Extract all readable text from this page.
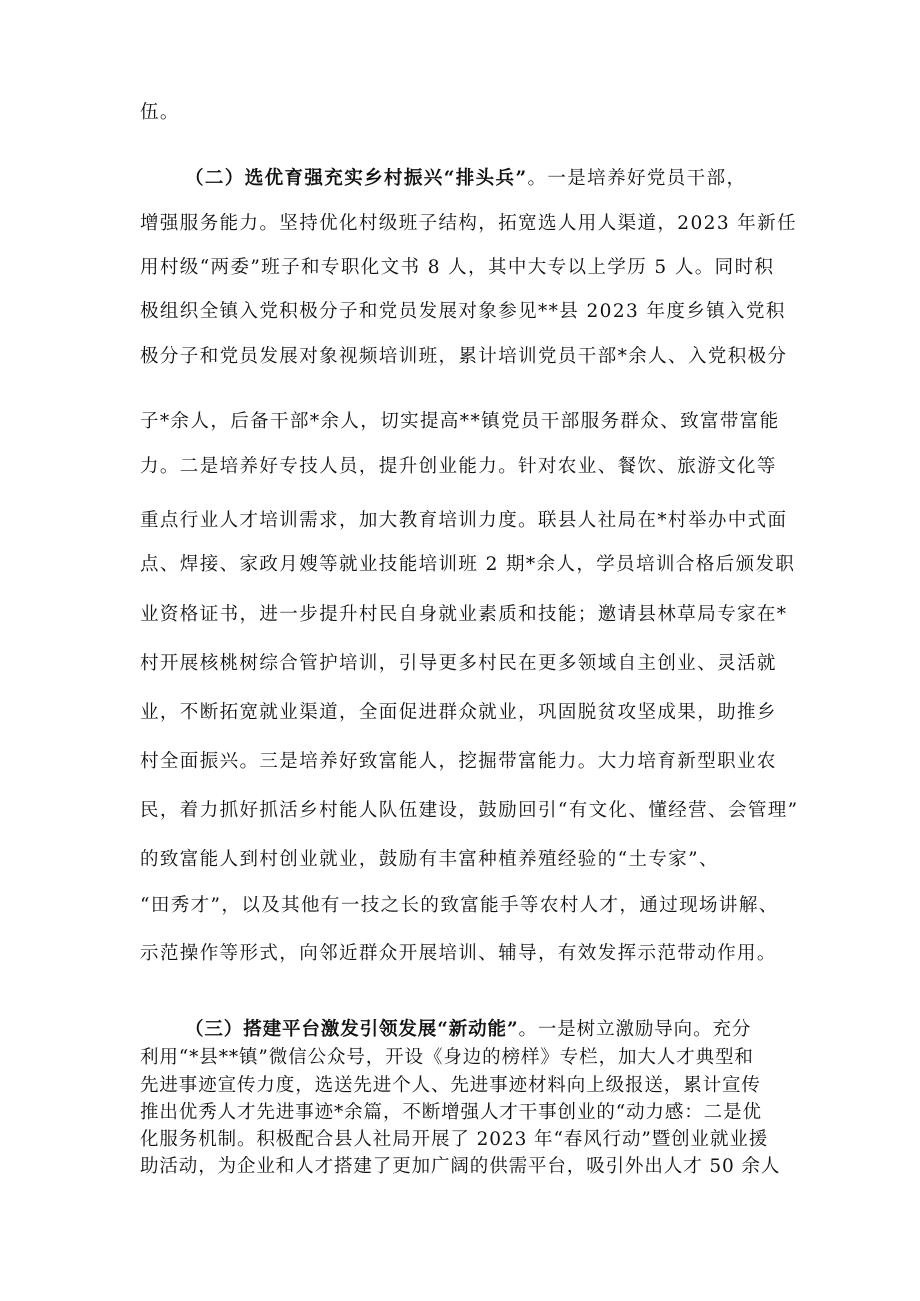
伍。

（二）选优育强充实乡村振兴“排头兵”。一是培养好党员干部，

增强服务能力。坚持优化村级班子结构，拓宽选人用人渠道，2023 年新任

用村级“两委”班子和专职化文书 8 人，其中大专以上学历 5 人。同时积

极组织全镇入党积极分子和党员发展对象参见**县 2023 年度乡镇入党积

极分子和党员发展对象视频培训班，累计培训党员干部*余人、入党积极分

子*余人，后备干部*余人，切实提高**镇党员干部服务群众、致富带富能

力。二是培养好专技人员，提升创业能力。针对农业、餐饮、旅游文化等

重点行业人才培训需求，加大教育培训力度。联县人社局在*村举办中式面

点、焊接、家政月嫂等就业技能培训班 2 期*余人，学员培训合格后颁发职

业资格证书，进一步提升村民自身就业素质和技能；邀请县林草局专家在*

村开展核桃树综合管护培训，引导更多村民在更多领域自主创业、灵活就

业，不断拓宽就业渠道，全面促进群众就业，巩固脱贫攻坚成果，助推乡

村全面振兴。三是培养好致富能人，挖掘带富能力。大力培育新型职业农

民，着力抓好抓活乡村能人队伍建设，鼓励回引“有文化、懂经营、会管理”

的致富能人到村创业就业，鼓励有丰富种植养殖经验的“土专家”、

“田秀才”，以及其他有一技之长的致富能手等农村人才，通过现场讲解、

示范操作等形式，向邻近群众开展培训、辅导，有效发挥示范带动作用。

（三）搭建平台激发引领发展“新动能”。一是树立激励导向。充分

利用“*县**镇”微信公众号，开设《身边的榜样》专栏，加大人才典型和

先进事迹宣传力度，选送先进个人、先进事迹材料向上级报送，累计宣传

推出优秀人才先进事迹*余篇，不断增强人才干事创业的“动力感：二是优

化服务机制。积极配合县人社局开展了 2023 年“春风行动”暨创业就业援

助活动，为企业和人才搭建了更加广阔的供需平台，吸引外出人才 50 余人
